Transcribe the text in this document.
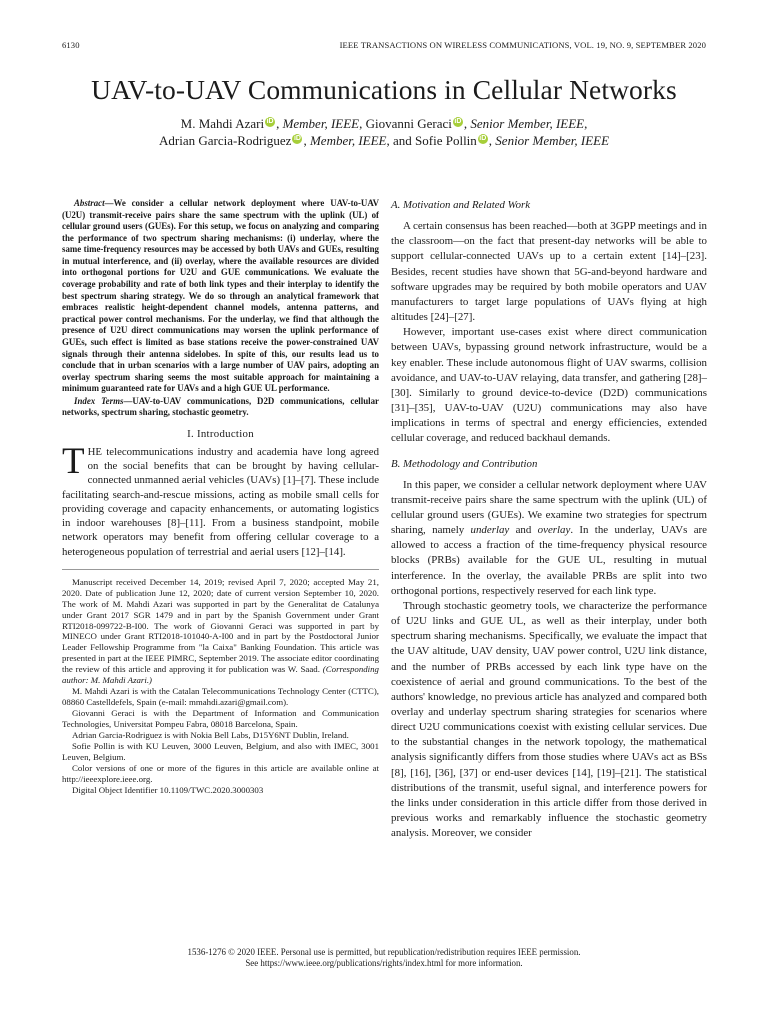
6130	IEEE TRANSACTIONS ON WIRELESS COMMUNICATIONS, VOL. 19, NO. 9, SEPTEMBER 2020
UAV-to-UAV Communications in Cellular Networks
M. Mahdi Azari iD , Member, IEEE, Giovanni Geraci iD , Senior Member, IEEE,
Adrian Garcia-Rodriguez iD , Member, IEEE, and Sofie Pollin iD , Senior Member, IEEE

Abstract—We consider a cellular network deployment where UAV-to-UAV (U2U) transmit-receive pairs share the same spectrum with the uplink (UL) of cellular ground users (GUEs). For this setup, we focus on analyzing and comparing the performance of two spectrum sharing mechanisms: (i) underlay, where the same time-frequency resources may be accessed by both UAVs and GUEs, resulting in mutual interference, and (ii) overlay, where the available resources are divided into orthogonal portions for U2U and GUE communications. We evaluate the coverage probability and rate of both link types and their interplay to identify the best spectrum sharing strategy. We do so through an analytical framework that embraces realistic height-dependent channel models, antenna patterns, and practical power control mechanisms. For the underlay, we find that although the presence of U2U direct communications may worsen the uplink performance of GUEs, such effect is limited as base stations receive the power-constrained UAV signals through their antenna sidelobes. In spite of this, our results lead us to conclude that in urban scenarios with a large number of UAV pairs, adopting an overlay spectrum sharing seems the most suitable approach for maintaining a minimum guaranteed rate for UAVs and a high GUE UL performance.

Index Terms—UAV-to-UAV communications, D2D communications, cellular networks, spectrum sharing, stochastic geometry.

I. Introduction

THE telecommunications industry and academia have long agreed on the social benefits that can be brought by having cellular-connected unmanned aerial vehicles (UAVs) [1]–[7]. These include facilitating search-and-rescue missions, acting as mobile small cells for providing coverage and capacity enhancements, or automating logistics in indoor warehouses [8]–[11]. From a business standpoint, mobile network operators may benefit from offering cellular coverage to a heterogeneous population of terrestrial and aerial users [12]–[14].

Manuscript received December 14, 2019; revised April 7, 2020; accepted May 21, 2020. Date of publication June 12, 2020; date of current version September 10, 2020. The work of M. Mahdi Azari was supported in part by the Generalitat de Catalunya under Grant 2017 SGR 1479 and in part by the Spanish Government under Grant RTI2018-099722-B-I00. The work of Giovanni Geraci was supported in part by MINECO under Grant RTI2018-101040-A-I00 and in part by the Postdoctoral Junior Leader Fellowship Programme from "la Caixa" Banking Foundation. This article was presented in part at the IEEE PIMRC, September 2019. The associate editor coordinating the review of this article and approving it for publication was W. Saad. (Corresponding author: M. Mahdi Azari.)

M. Mahdi Azari is with the Catalan Telecommunications Technology Center (CTTC), 08860 Castelldefels, Spain (e-mail: mmahdi.azari@gmail.com).

Giovanni Geraci is with the Department of Information and Communication Technologies, Universitat Pompeu Fabra, 08018 Barcelona, Spain.

Adrian Garcia-Rodriguez is with Nokia Bell Labs, D15Y6NT Dublin, Ireland.

Sofie Pollin is with KU Leuven, 3000 Leuven, Belgium, and also with IMEC, 3001 Leuven, Belgium.

Color versions of one or more of the figures in this article are available online at http://ieeexplore.ieee.org.

Digital Object Identifier 10.1109/TWC.2020.3000303

A. Motivation and Related Work

A certain consensus has been reached—both at 3GPP meetings and in the classroom—on the fact that present-day networks will be able to support cellular-connected UAVs up to a certain extent [14]–[23]. Besides, recent studies have shown that 5G-and-beyond hardware and software upgrades may be required by both mobile operators and UAV manufacturers to target large populations of UAVs flying at high altitudes [24]–[27].

However, important use-cases exist where direct communication between UAVs, bypassing ground network infrastructure, would be a key enabler. These include autonomous flight of UAV swarms, collision avoidance, and UAV-to-UAV relaying, data transfer, and gathering [28]–[30]. Similarly to ground device-to-device (D2D) communications [31]–[35], UAV-to-UAV (U2U) communications may also have implications in terms of spectral and energy efficiencies, extended cellular coverage, and reduced backhaul demands.

B. Methodology and Contribution

In this paper, we consider a cellular network deployment where UAV transmit-receive pairs share the same spectrum with the uplink (UL) of cellular ground users (GUEs). We examine two strategies for spectrum sharing, namely underlay and overlay. In the underlay, UAVs are allowed to access a fraction of the time-frequency physical resource blocks (PRBs) available for the GUE UL, resulting in mutual interference. In the overlay, the available PRBs are split into two orthogonal portions, respectively reserved for each link type.

Through stochastic geometry tools, we characterize the performance of U2U links and GUE UL, as well as their interplay, under both spectrum sharing mechanisms. Specifically, we evaluate the impact that the UAV altitude, UAV density, UAV power control, U2U link distance, and the number of PRBs accessed by each link type have on the coexistence of aerial and ground communications. To the best of the authors' knowledge, no previous article has analyzed and compared both overlay and underlay spectrum sharing strategies for scenarios where direct U2U communications coexist with existing cellular services. Due to the substantial changes in the network topology, the mathematical analysis significantly differs from those studies where UAVs act as BSs [8], [16], [36], [37] or end-user devices [14], [19]–[21]. The statistical distributions of the transmit, useful signal, and interference powers for the links under consideration in this article differ from those derived in previous works and remarkably influence the stochastic geometry analysis. Moreover, we consider

1536-1276 © 2020 IEEE. Personal use is permitted, but republication/redistribution requires IEEE permission.
See https://www.ieee.org/publications/rights/index.html for more information.
